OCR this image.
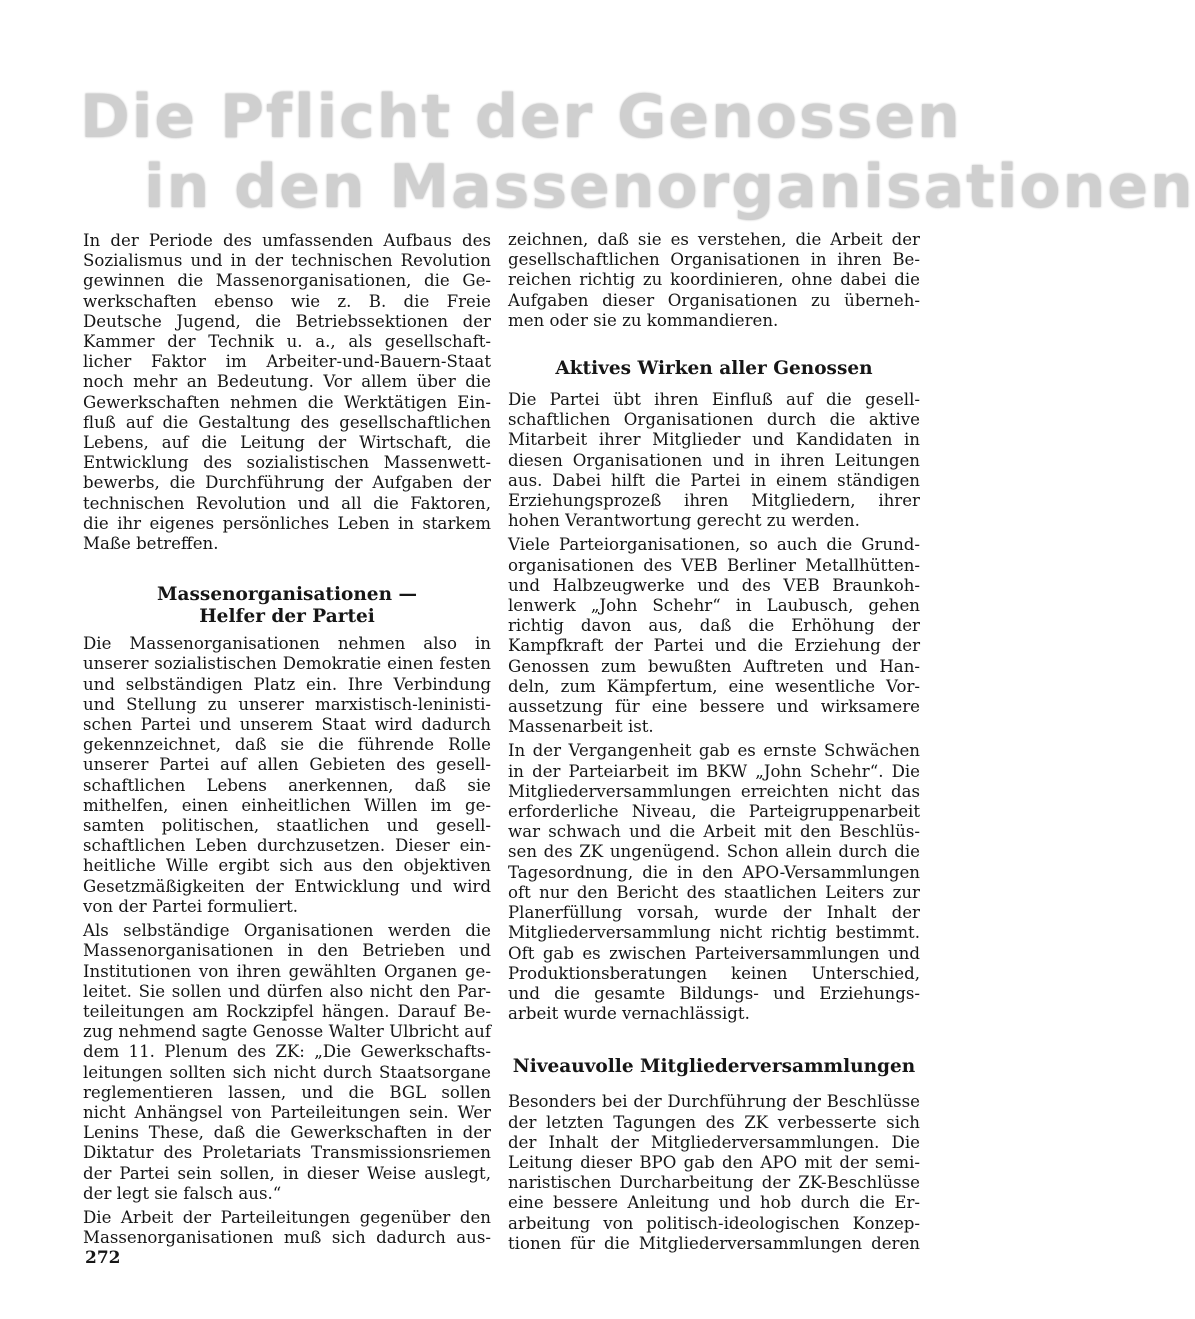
Die Pflicht der Genossen
in den Massenorganisationen

In der Periode des umfassenden Aufbaus des
Sozialismus und in der technischen Revolution
gewinnen die Massenorganisationen, die Ge-
werkschaften ebenso wie z. B. die Freie
Deutsche Jugend, die Betriebssektionen der
Kammer der Technik u. a., als gesellschaft-
licher Faktor im Arbeiter-und-Bauern-Staat
noch mehr an Bedeutung. Vor allem über die
Gewerkschaften nehmen die Werktätigen Ein-
fluß auf die Gestaltung des gesellschaftlichen
Lebens, auf die Leitung der Wirtschaft, die
Entwicklung des sozialistischen Massenwett-
bewerbs, die Durchführung der Aufgaben der
technischen Revolution und all die Faktoren,
die ihr eigenes persönliches Leben in starkem
Maße betreffen.

Massenorganisationen —
Helfer der Partei

Die Massenorganisationen nehmen also in
unserer sozialistischen Demokratie einen festen
und selbständigen Platz ein. Ihre Verbindung
und Stellung zu unserer marxistisch-leninisti-
schen Partei und unserem Staat wird dadurch
gekennzeichnet, daß sie die führende Rolle
unserer Partei auf allen Gebieten des gesell-
schaftlichen Lebens anerkennen, daß sie
mithelfen, einen einheitlichen Willen im ge-
samten politischen, staatlichen und gesell-
schaftlichen Leben durchzusetzen. Dieser ein-
heitliche Wille ergibt sich aus den objektiven
Gesetzmäßigkeiten der Entwicklung und wird
von der Partei formuliert.

Als selbständige Organisationen werden die
Massenorganisationen in den Betrieben und
Institutionen von ihren gewählten Organen ge-
leitet. Sie sollen und dürfen also nicht den Par-
teileitungen am Rockzipfel hängen. Darauf Be-
zug nehmend sagte Genosse Walter Ulbricht auf
dem 11. Plenum des ZK: „Die Gewerkschafts-
leitungen sollten sich nicht durch Staatsorgane
reglementieren lassen, und die BGL sollen
nicht Anhängsel von Parteileitungen sein. Wer
Lenins These, daß die Gewerkschaften in der
Diktatur des Proletariats Transmissionsriemen
der Partei sein sollen, in dieser Weise auslegt,
der legt sie falsch aus.“

Die Arbeit der Parteileitungen gegenüber den
Massenorganisationen muß sich dadurch aus-

zeichnen, daß sie es verstehen, die Arbeit der
gesellschaftlichen Organisationen in ihren Be-
reichen richtig zu koordinieren, ohne dabei die
Aufgaben dieser Organisationen zu überneh-
men oder sie zu kommandieren.

Aktives Wirken aller Genossen

Die Partei übt ihren Einfluß auf die gesell-
schaftlichen Organisationen durch die aktive
Mitarbeit ihrer Mitglieder und Kandidaten in
diesen Organisationen und in ihren Leitungen
aus. Dabei hilft die Partei in einem ständigen
Erziehungsprozeß ihren Mitgliedern, ihrer
hohen Verantwortung gerecht zu werden.

Viele Parteiorganisationen, so auch die Grund-
organisationen des VEB Berliner Metallhütten-
und Halbzeugwerke und des VEB Braunkoh-
lenwerk „John Schehr“ in Laubusch, gehen
richtig davon aus, daß die Erhöhung der
Kampfkraft der Partei und die Erziehung der
Genossen zum bewußten Auftreten und Han-
deln, zum Kämpfertum, eine wesentliche Vor-
aussetzung für eine bessere und wirksamere
Massenarbeit ist.

In der Vergangenheit gab es ernste Schwächen
in der Parteiarbeit im BKW „John Schehr“. Die
Mitgliederversammlungen erreichten nicht das
erforderliche Niveau, die Parteigruppenarbeit
war schwach und die Arbeit mit den Beschlüs-
sen des ZK ungenügend. Schon allein durch die
Tagesordnung, die in den APO-Versammlungen
oft nur den Bericht des staatlichen Leiters zur
Planerfüllung vorsah, wurde der Inhalt der
Mitgliederversammlung nicht richtig bestimmt.
Oft gab es zwischen Parteiversammlungen und
Produktionsberatungen keinen Unterschied,
und die gesamte Bildungs- und Erziehungs-
arbeit wurde vernachlässigt.

Niveauvolle Mitgliederversammlungen

Besonders bei der Durchführung der Beschlüsse
der letzten Tagungen des ZK verbesserte sich
der Inhalt der Mitgliederversammlungen. Die
Leitung dieser BPO gab den APO mit der semi-
naristischen Durcharbeitung der ZK-Beschlüsse
eine bessere Anleitung und hob durch die Er-
arbeitung von politisch-ideologischen Konzep-
tionen für die Mitgliederversammlungen deren

272
